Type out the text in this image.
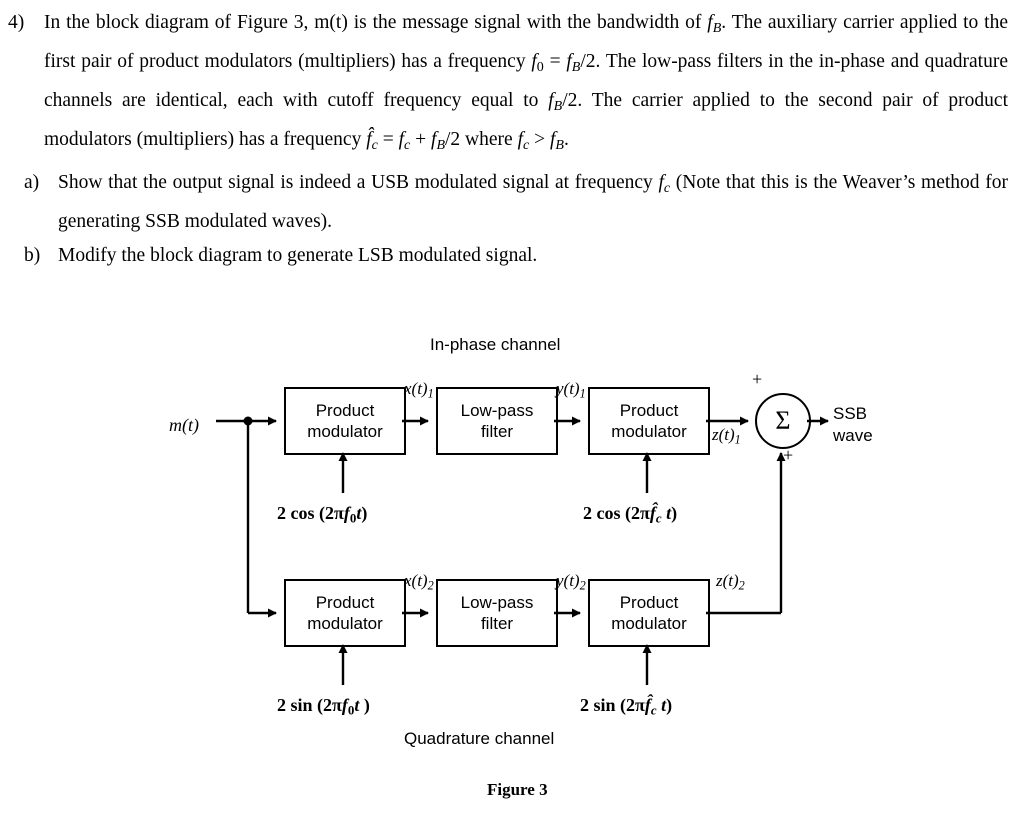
4)	In the block diagram of Figure 3, m(t) is the message signal with the bandwidth of $f_B$. The auxiliary carrier applied to the first pair of product modulators (multipliers) has a frequency $f_0 = f_B/2$. The low-pass filters in the in-phase and quadrature channels are identical, each with cutoff frequency equal to $f_B/2$. The carrier applied to the second pair of product modulators (multipliers) has a frequency $f̂_c = f_c + f_B/2$ where $f_c > f_B$.
a) Show that the output signal is indeed a USB modulated signal at frequency $f_c$ (Note that this is the Weaver’s method for generating SSB modulated waves).
b) Modify the block diagram to generate LSB modulated signal.
In-phase channel
Quadrature channel
Figure 3
m(t)
SSB
wave
Product
modulator
Low-pass
filter
Product
modulator	Σ
+
+
Product
modulator
Low-pass
filter
Product
modulator
$x(t)_1$	$y(t)_1$
$z(t)_1$
$x(t)_2$	$y(t)_2$	$z(t)_2$
2 $\cos (2\pi f_0t)$	2 $\cos (2\pi f̂_c$ t)
2 $\sin (2\pi f_0t$ )	2 $\sin (2\pi f̂_c$ t)
